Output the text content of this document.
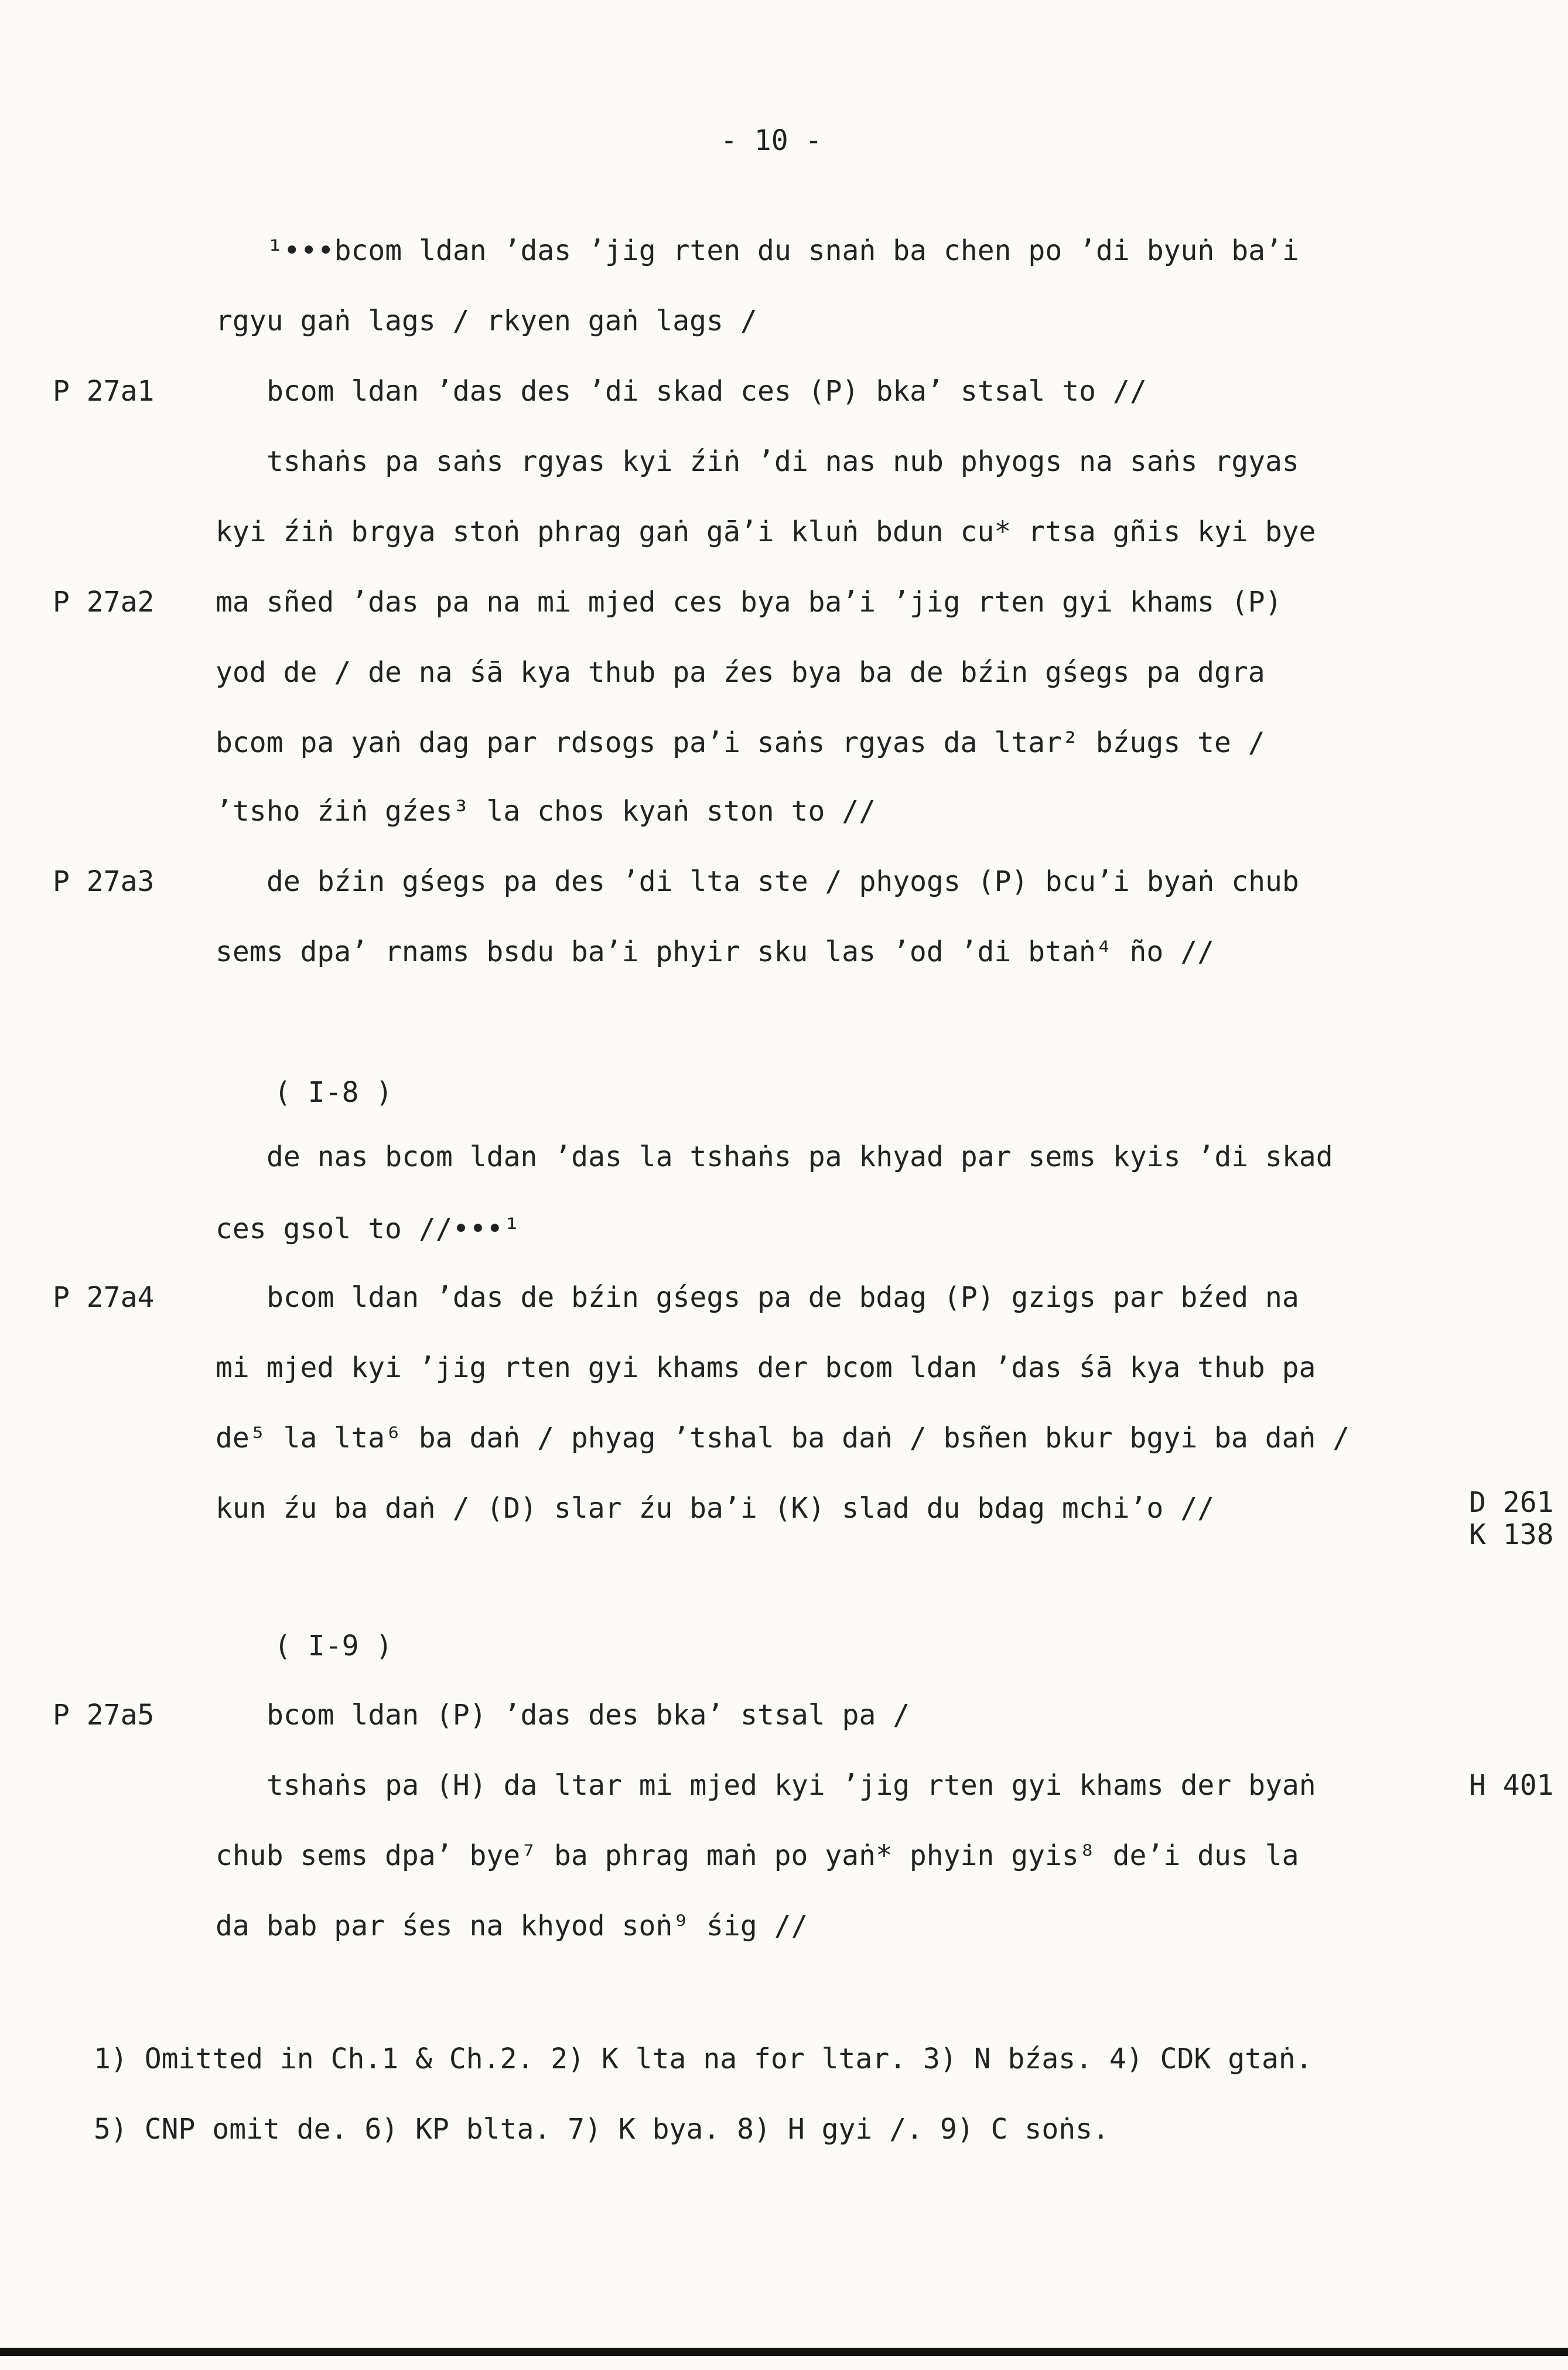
- 10 -
¹•••bcom ldan ʼdas ʼjig rten du snaṅ ba chen po ʼdi byuṅ baʼi
rgyu gaṅ lags / rkyen gaṅ lags /
bcom ldan ʼdas des ʼdi skad ces (P) bkaʼ stsal to //
tshaṅs pa saṅs rgyas kyi źiṅ ʼdi nas nub phyogs na saṅs rgyas
kyi źiṅ brgya stoṅ phrag gaṅ gāʼi kluṅ bdun cu* rtsa gñis kyi bye
ma sñed ʼdas pa na mi mjed ces bya baʼi ʼjig rten gyi khams (P)
yod de / de na śā kya thub pa źes bya ba de bźin gśegs pa dgra
bcom pa yaṅ dag par rdsogs paʼi saṅs rgyas da ltar² bźugs te /
ʼtsho źiṅ gźes³ la chos kyaṅ ston to //
de bźin gśegs pa des ʼdi lta ste / phyogs (P) bcuʼi byaṅ chub
sems dpaʼ rnams bsdu baʼi phyir sku las ʼod ʼdi btaṅ⁴ ño //
( I-8 )
de nas bcom ldan ʼdas la tshaṅs pa khyad par sems kyis ʼdi skad
ces gsol to //•••¹
bcom ldan ʼdas de bźin gśegs pa de bdag (P) gzigs par bźed na
mi mjed kyi ʼjig rten gyi khams der bcom ldan ʼdas śā kya thub pa
de⁵ la lta⁶ ba daṅ / phyag ʼtshal ba daṅ / bsñen bkur bgyi ba daṅ /
kun źu ba daṅ / (D) slar źu baʼi (K) slad du bdag mchiʼo //
( I-9 )
bcom ldan (P) ʼdas des bkaʼ stsal pa /
tshaṅs pa (H) da ltar mi mjed kyi ʼjig rten gyi khams der byaṅ
chub sems dpaʼ bye⁷ ba phrag maṅ po yaṅ* phyin gyis⁸ deʼi dus la
da bab par śes na khyod soṅ⁹ śig //
P 27a1
P 27a2
P 27a3
P 27a4
P 27a5
D 261
K 138
H 401
1) Omitted in Ch.1 & Ch.2. 2) K lta na for ltar. 3) N bźas. 4) CDK gtaṅ.
5) CNP omit de. 6) KP blta. 7) K bya. 8) H gyi /. 9) C soṅs.
